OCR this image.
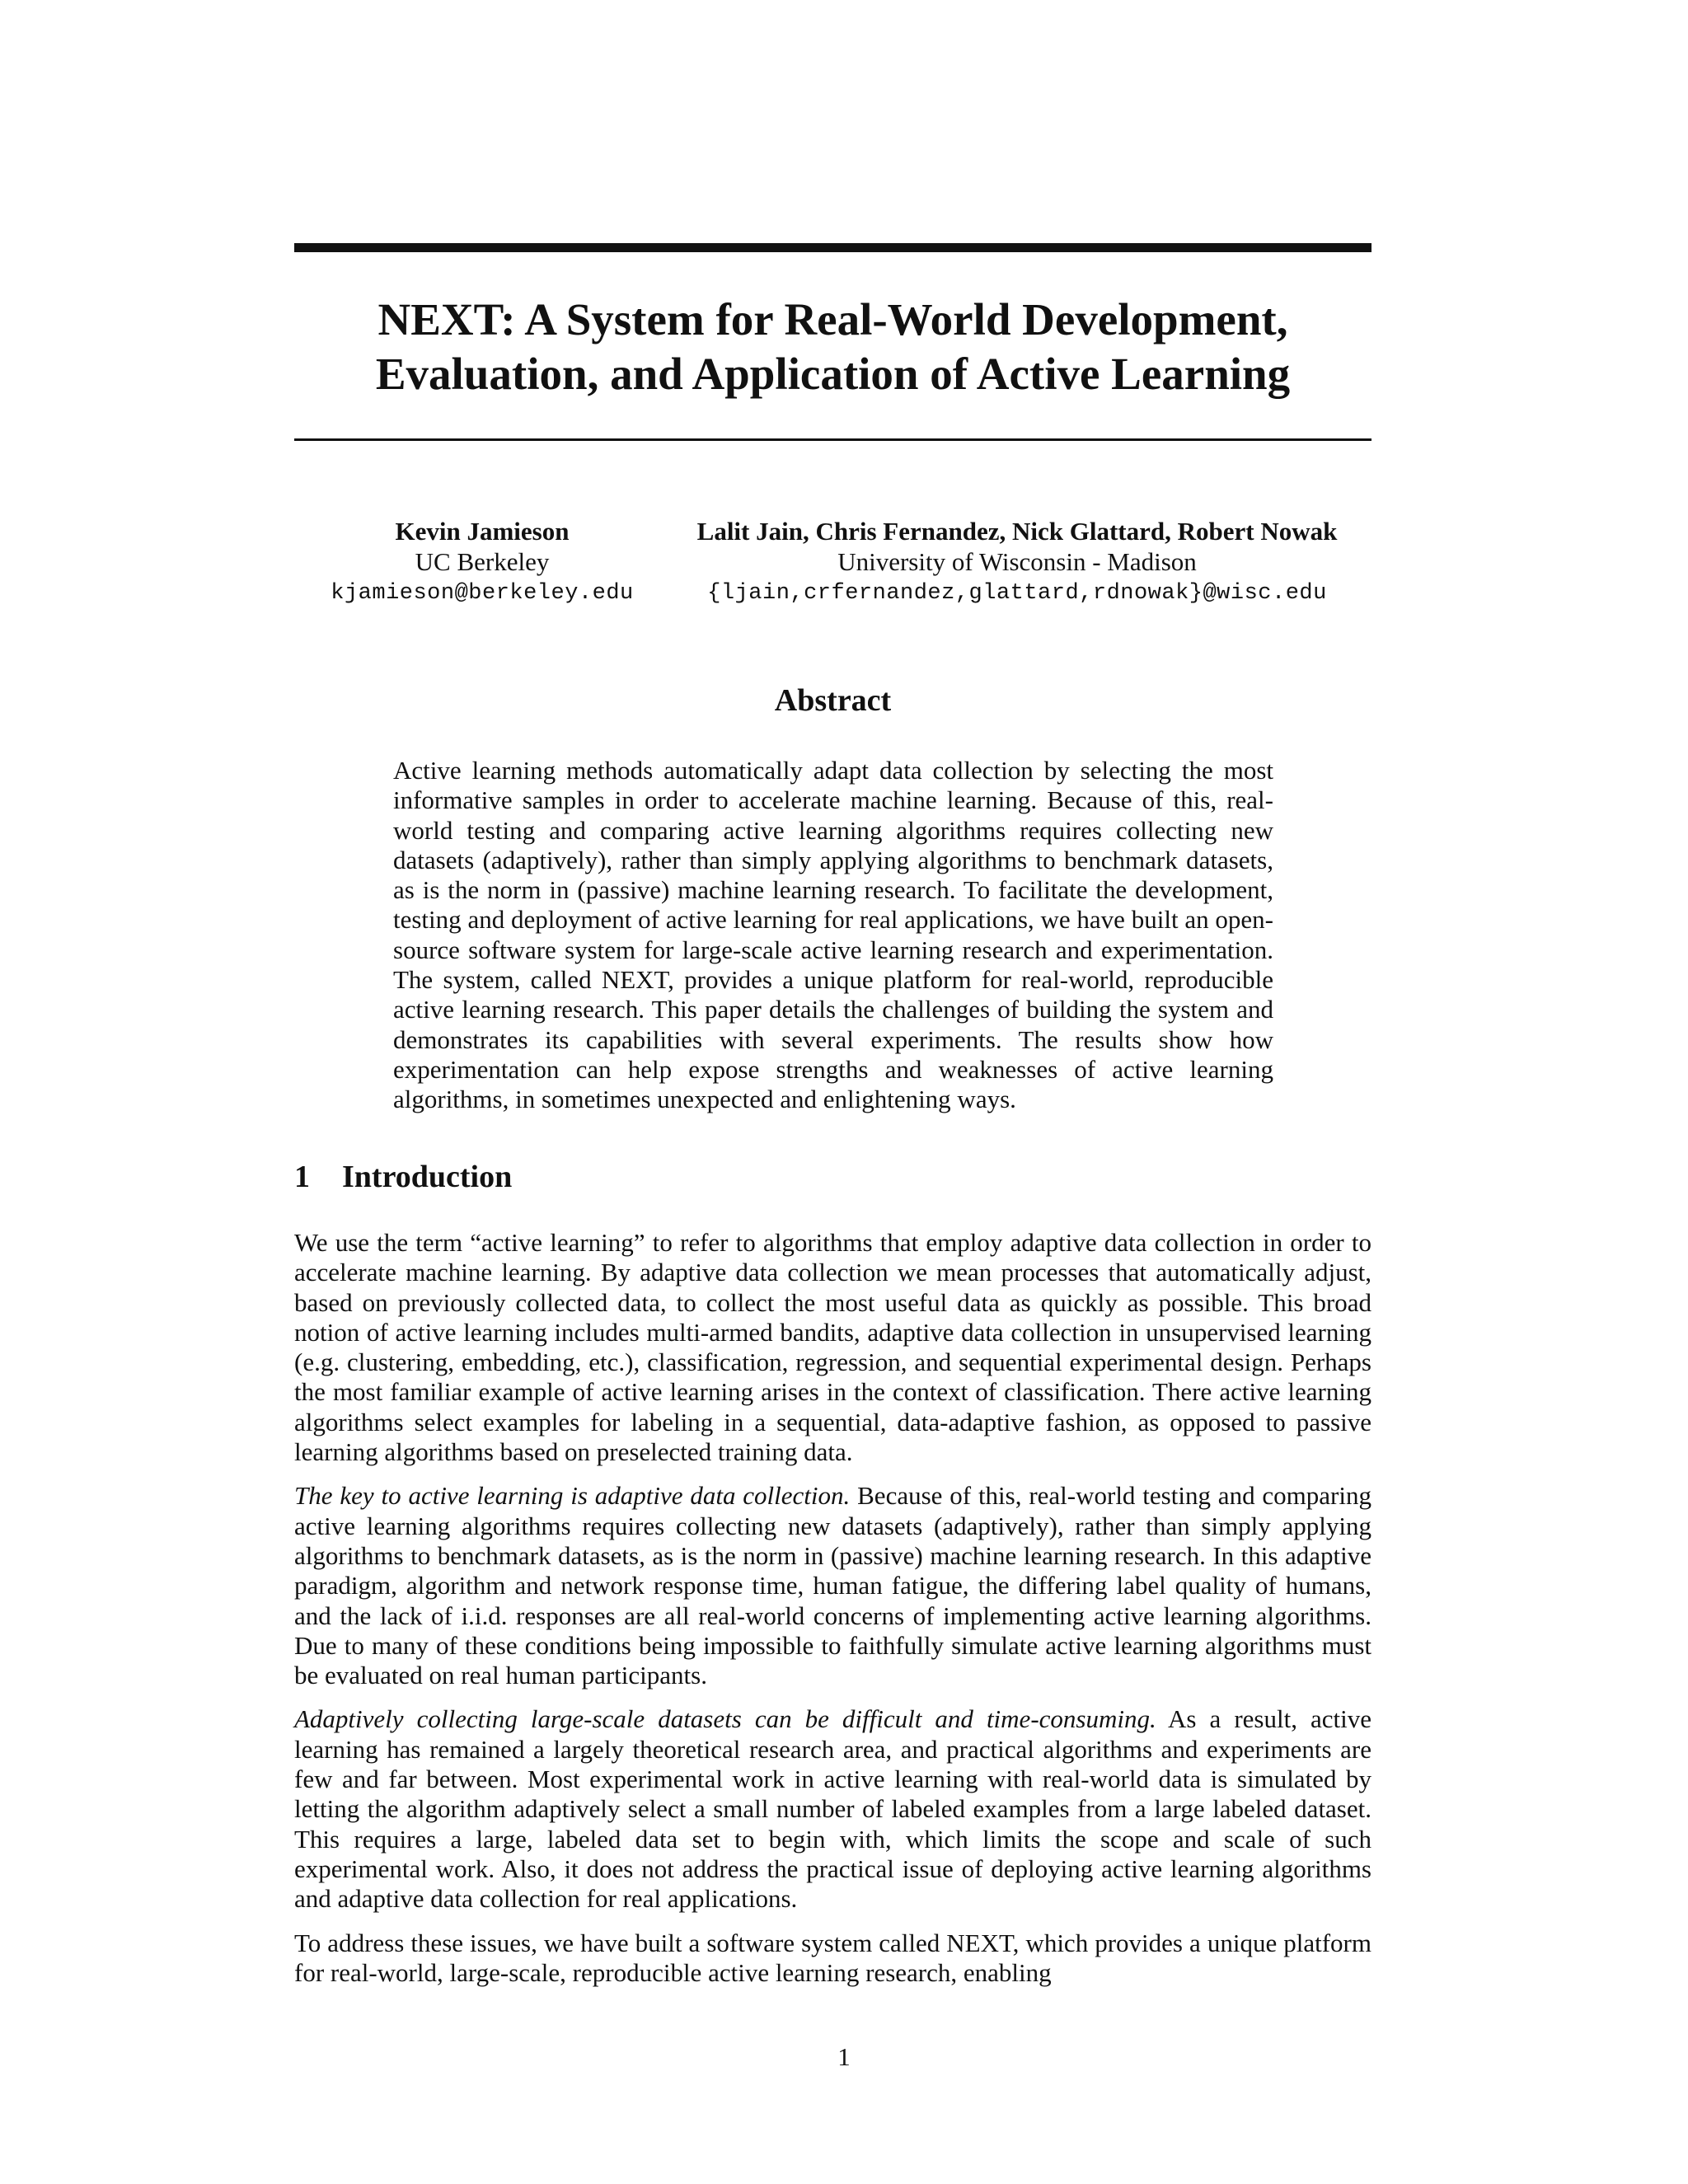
NEXT: A System for Real-World Development,
Evaluation, and Application of Active Learning
Kevin Jamieson
UC Berkeley
kjamieson@berkeley.edu
Lalit Jain, Chris Fernandez, Nick Glattard, Robert Nowak
University of Wisconsin - Madison
{ljain,crfernandez,glattard,rdnowak}@wisc.edu
Abstract

Active learning methods automatically adapt data collection by selecting the most informative samples in order to accelerate machine learning. Because of this, real-world testing and comparing active learning algorithms requires collecting new datasets (adaptively), rather than simply applying algorithms to benchmark datasets, as is the norm in (passive) machine learning research. To facilitate the development, testing and deployment of active learning for real applications, we have built an open-source software system for large-scale active learning research and experimentation. The system, called NEXT, provides a unique platform for real-world, reproducible active learning research. This paper details the challenges of building the system and demonstrates its capabilities with several experiments. The results show how experimentation can help expose strengths and weaknesses of active learning algorithms, in sometimes unexpected and enlightening ways.

1 Introduction

We use the term “active learning” to refer to algorithms that employ adaptive data collection in order to accelerate machine learning. By adaptive data collection we mean processes that automatically adjust, based on previously collected data, to collect the most useful data as quickly as possible. This broad notion of active learning includes multi-armed bandits, adaptive data collection in unsupervised learning (e.g. clustering, embedding, etc.), classification, regression, and sequential experimental design. Perhaps the most familiar example of active learning arises in the context of classification. There active learning algorithms select examples for labeling in a sequential, data-adaptive fashion, as opposed to passive learning algorithms based on preselected training data.

The key to active learning is adaptive data collection. Because of this, real-world testing and comparing active learning algorithms requires collecting new datasets (adaptively), rather than simply applying algorithms to benchmark datasets, as is the norm in (passive) machine learning research. In this adaptive paradigm, algorithm and network response time, human fatigue, the differing label quality of humans, and the lack of i.i.d. responses are all real-world concerns of implementing active learning algorithms. Due to many of these conditions being impossible to faithfully simulate active learning algorithms must be evaluated on real human participants.

Adaptively collecting large-scale datasets can be difficult and time-consuming. As a result, active learning has remained a largely theoretical research area, and practical algorithms and experiments are few and far between. Most experimental work in active learning with real-world data is simulated by letting the algorithm adaptively select a small number of labeled examples from a large labeled dataset. This requires a large, labeled data set to begin with, which limits the scope and scale of such experimental work. Also, it does not address the practical issue of deploying active learning algorithms and adaptive data collection for real applications.

To address these issues, we have built a software system called NEXT, which provides a unique platform for real-world, large-scale, reproducible active learning research, enabling

1
